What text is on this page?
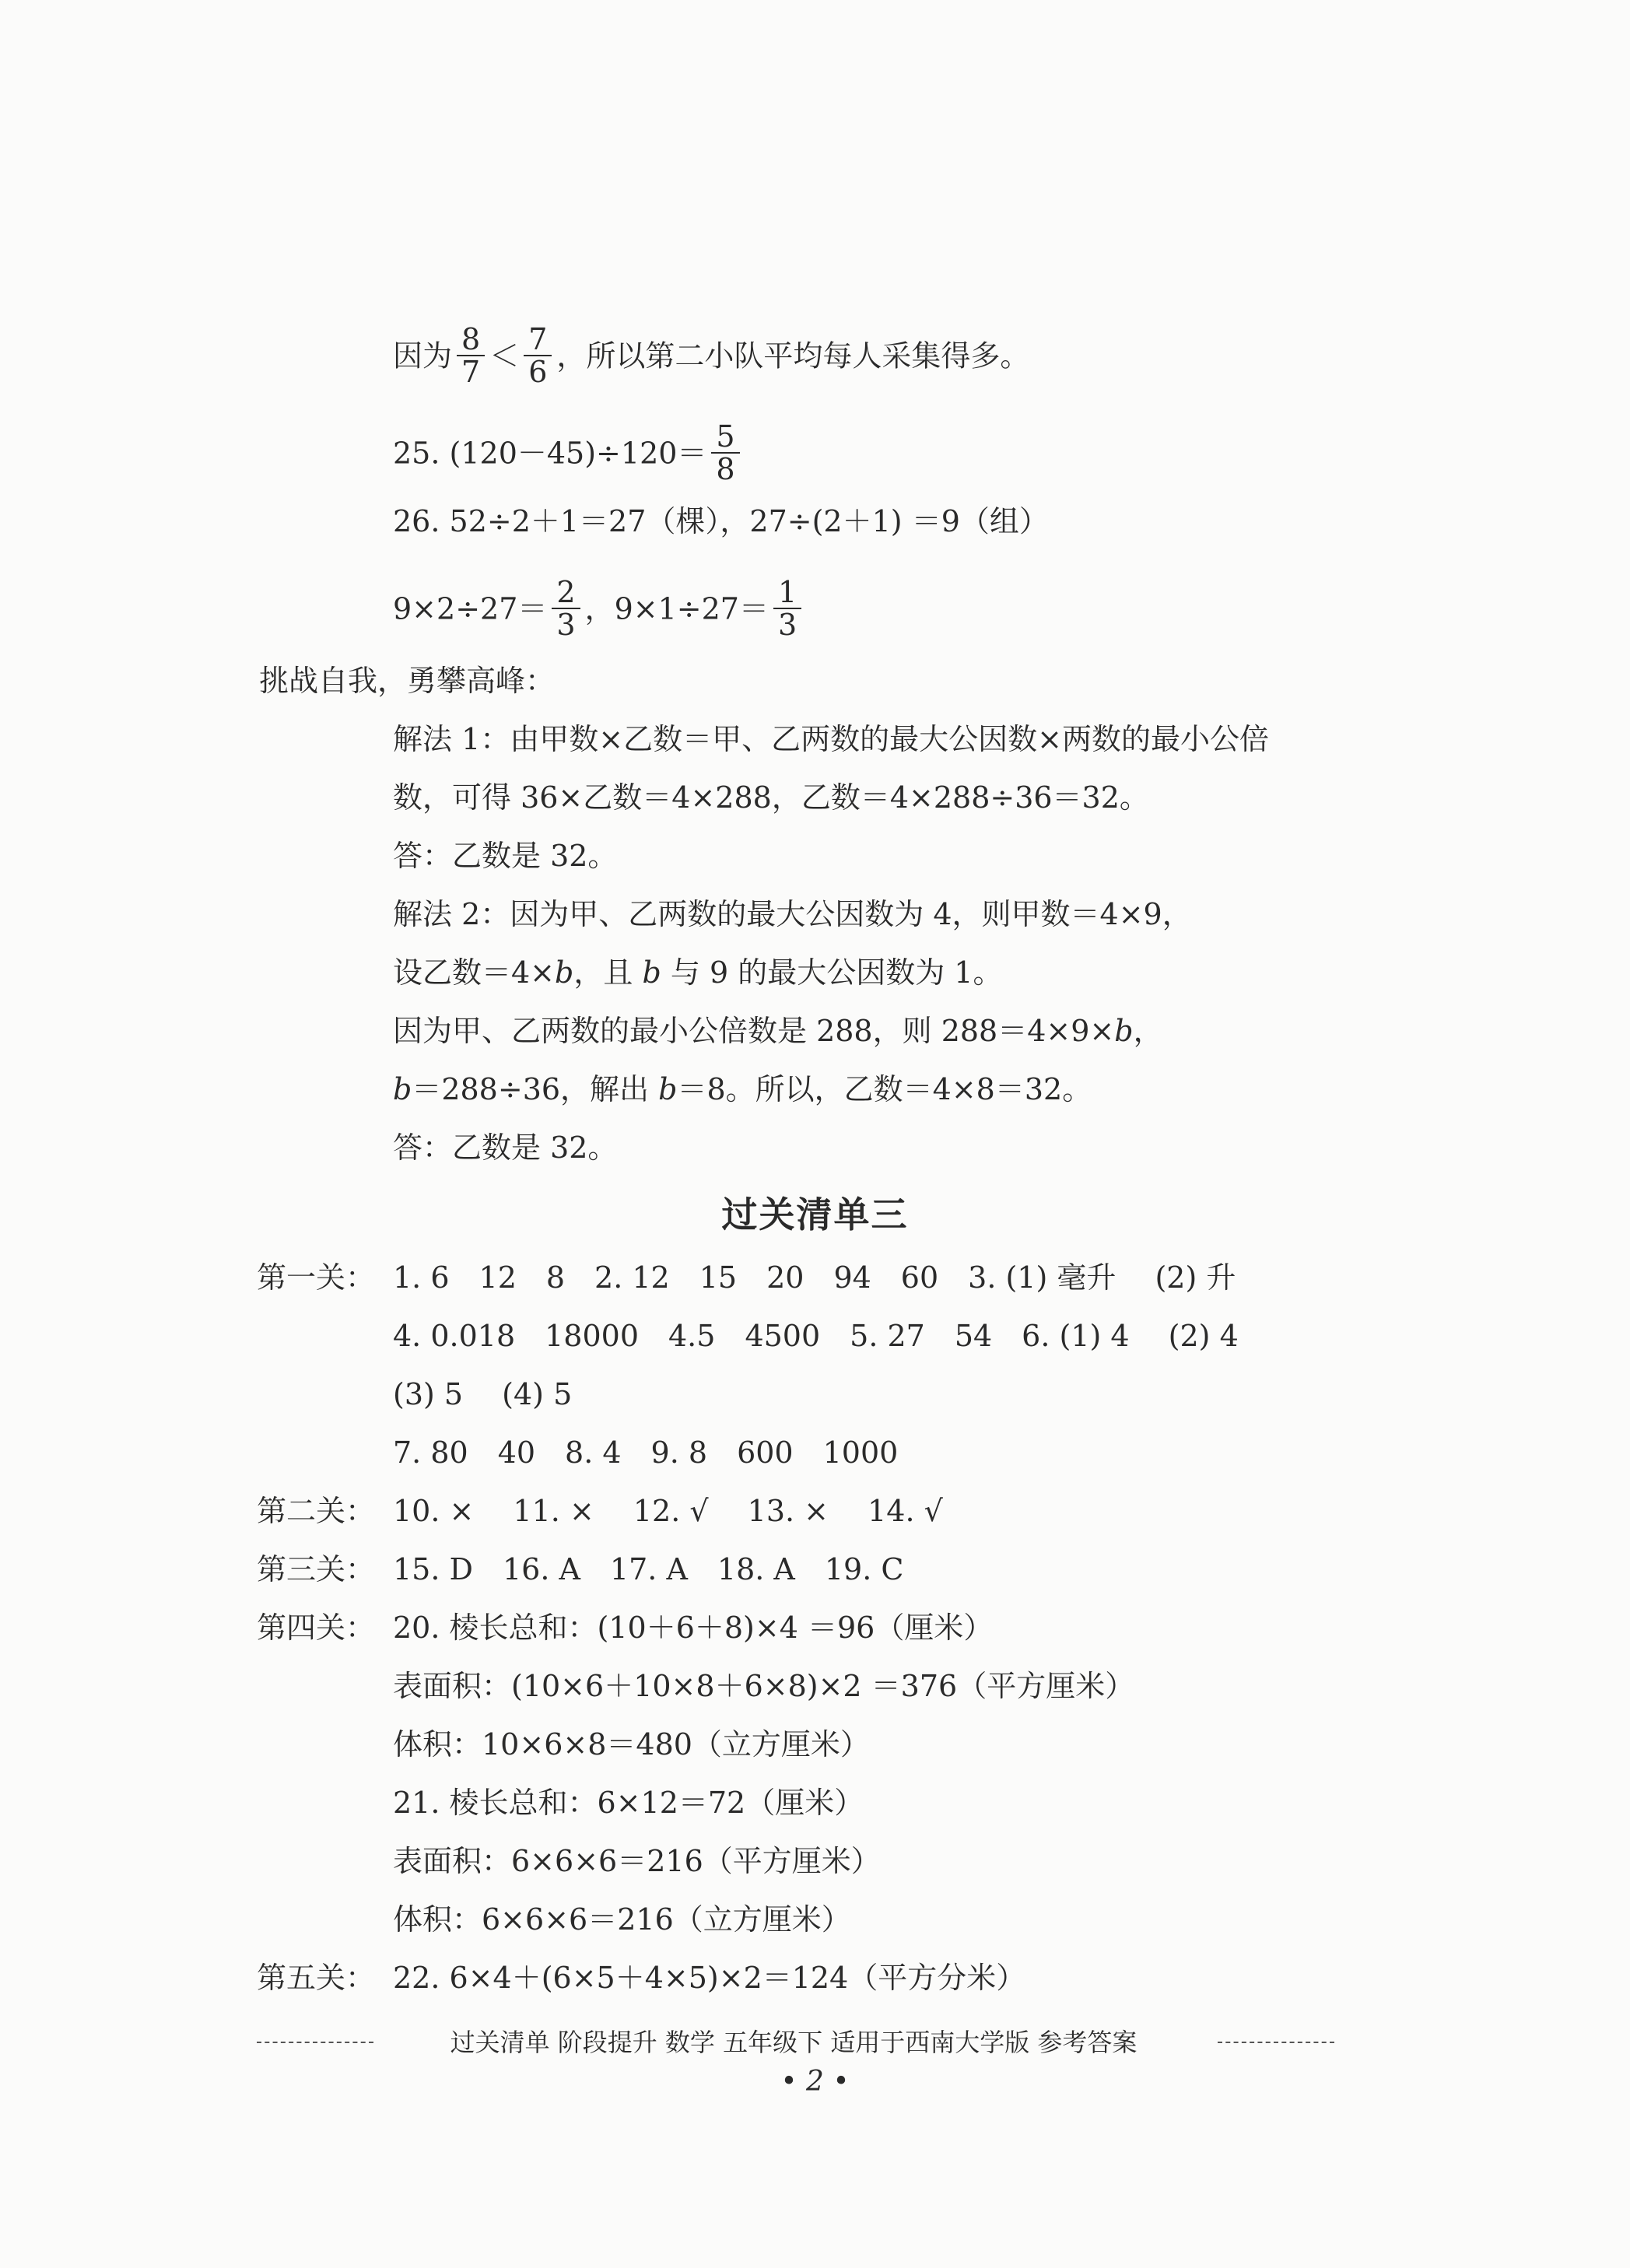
因为 $\frac{8}{7} < \frac{7}{6}$ ，所以第二小队平均每人采集得多。
25. $(120-45)\div 120= \frac{5}{8}$
26. 52÷2＋1＝27（棵），27÷(2＋1) ＝9（组）
$9\times 2\div 27= \frac{2}{3}$ ，$9\times 1\div 27= \frac{1}{3}$
挑战自我，勇攀高峰：
解法 1：由甲数×乙数＝甲、乙两数的最大公因数×两数的最小公倍
数，可得 36×乙数＝4×288，乙数＝4×288÷36＝32。
答：乙数是 32。
解法 2：因为甲、乙两数的最大公因数为 4，则甲数＝4×9，
设乙数＝4×b，且 b 与 9 的最大公因数为 1。
因为甲、乙两数的最小公倍数是 288，则 288＝4×9×b，
b＝288÷36，解出 b＝8。所以，乙数＝4×8＝32。
答：乙数是 32。
过关清单三
第一关： 1. 6　12　8　2. 12　15　20　94　60　3. (1) 毫升　 (2) 升
4. 0.018　18000　4.5　4500　5. 27　54　6. (1) 4　 (2) 4
(3) 5　 (4) 5
7. 80　40　8. 4　9. 8　600　1000
第二关： 10. ×　 11. ×　 12. √　 13. ×　 14. √
第三关： 15. D　16. A　17. A　18. A　19. C
第四关： 20. 棱长总和：(10＋6＋8)×4 ＝96（厘米）
表面积：(10×6＋10×8＋6×8)×2 ＝376（平方厘米）
体积：10×6×8＝480（立方厘米）
21. 棱长总和：6×12＝72（厘米）
表面积：6×6×6＝216（平方厘米）
体积：6×6×6＝216（立方厘米）
第五关： 22. 6×4＋(6×5＋4×5)×2＝124（平方分米）
过关清单 阶段提升 数学 五年级下 适用于西南大学版 参考答案
• 2 •
